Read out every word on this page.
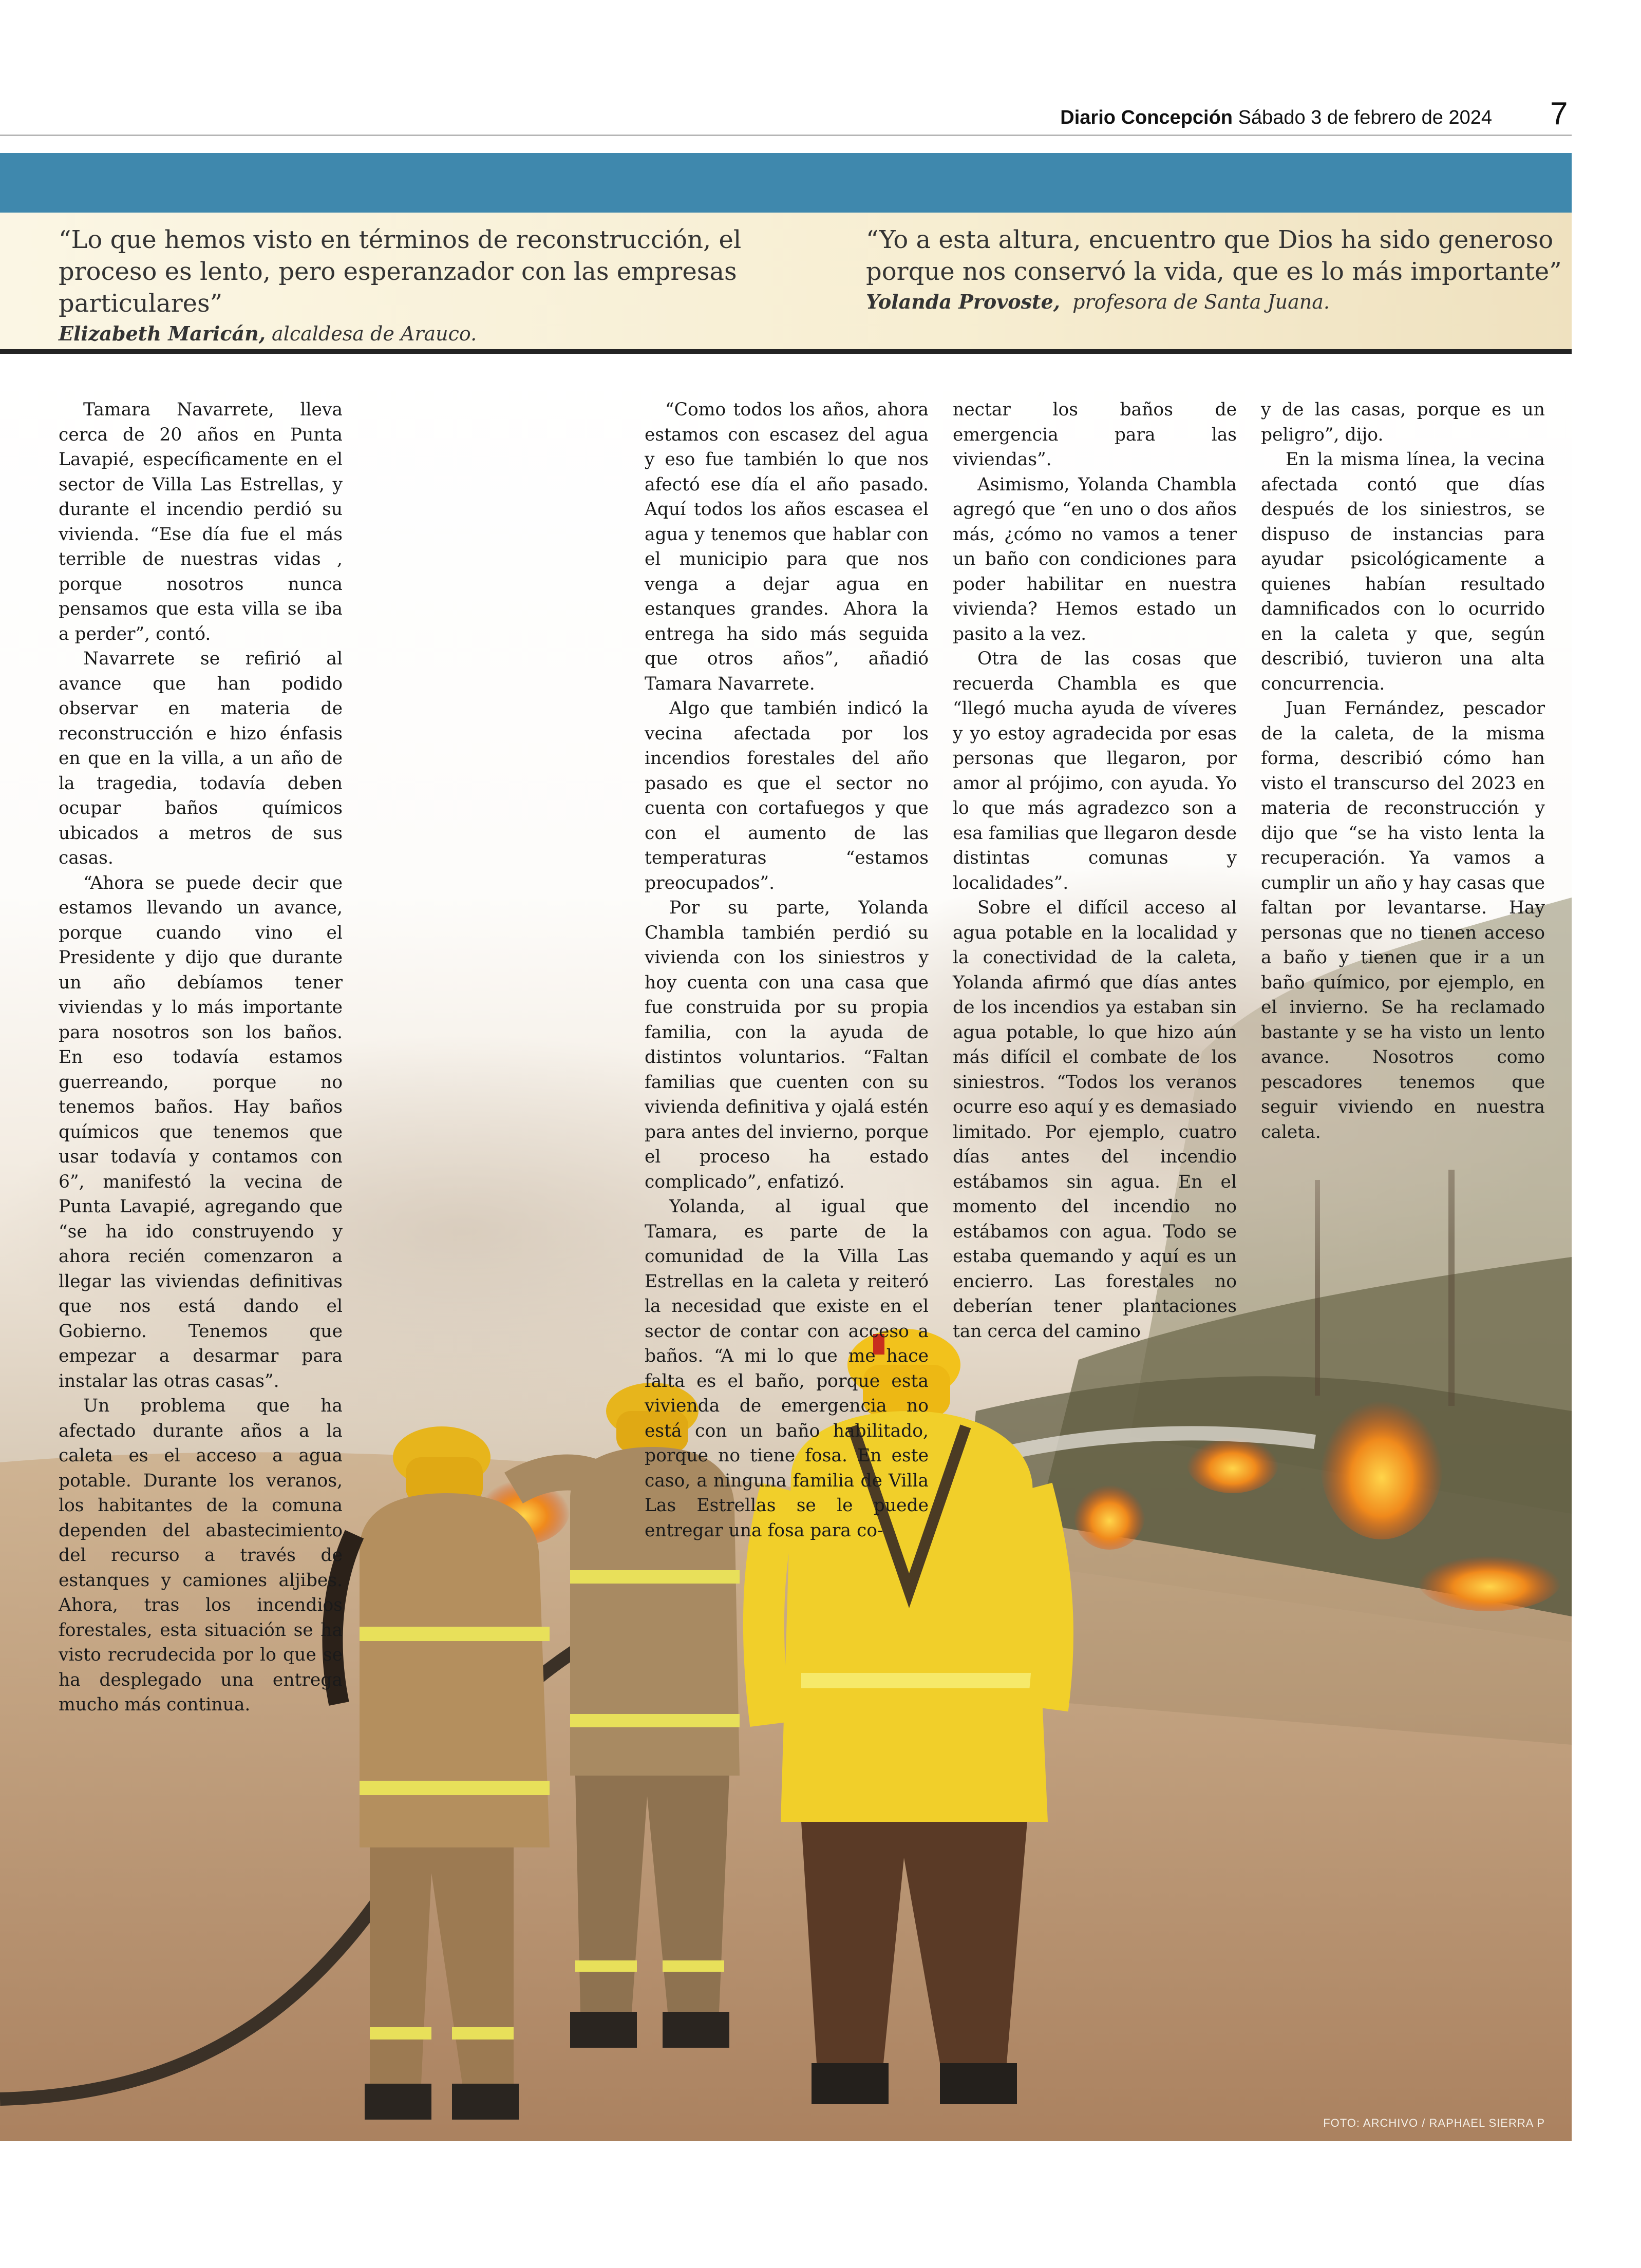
Diario Concepción Sábado 3 de febrero de 2024 7
“Lo que hemos visto en términos de reconstrucción, el proceso es lento, pero esperanzador con las empresas particulares”
Elizabeth Maricán, alcaldesa de Arauco.
“Yo a esta altura, encuentro que Dios ha sido generoso porque nos conservó la vida, que es lo más importante”
Yolanda Provoste, profesora de Santa Juana.

Tamara Navarrete, lleva cerca de 20 años en Punta Lavapié, específicamente en el sector de Villa Las Estrellas, y durante el incendio perdió su vivienda. “Ese día fue el más terrible de nuestras vidas , porque nosotros nunca pensamos que esta villa se iba a perder”, contó.

Navarrete se refirió al avance que han podido observar en materia de reconstrucción e hizo énfasis en que en la villa, a un año de la tragedia, todavía deben ocupar baños químicos ubicados a metros de sus casas.

“Ahora se puede decir que estamos llevando un avance, porque cuando vino el Presidente y dijo que durante un año debíamos tener viviendas y lo más importante para nosotros son los baños. En eso todavía estamos guerreando, porque no tenemos baños. Hay baños químicos que tenemos que usar todavía y contamos con 6”, manifestó la vecina de Punta Lavapié, agregando que “se ha ido construyendo y ahora recién comenzaron a llegar las viviendas definitivas que nos está dando el Gobierno. Tenemos que empezar a desarmar para instalar las otras casas”.

Un problema que ha afectado durante años a la caleta es el acceso a agua potable. Durante los veranos, los habitantes de la comuna dependen del abastecimiento del recurso a través de estanques y camiones aljibes. Ahora, tras los incendios forestales, esta situación se ha visto recrudecida por lo que se ha desplegado una entrega mucho más continua.

“Como todos los años, ahora estamos con escasez del agua y eso fue también lo que nos afectó ese día el año pasado. Aquí todos los años escasea el agua y tenemos que hablar con el municipio para que nos venga a dejar agua en estanques grandes. Ahora la entrega ha sido más seguida que otros años”, añadió Tamara Navarrete.

Algo que también indicó la vecina afectada por los incendios forestales del año pasado es que el sector no cuenta con cortafuegos y que con el aumento de las temperaturas “estamos preocupados”.

Por su parte, Yolanda Chambla también perdió su vivienda con los siniestros y hoy cuenta con una casa que fue construida por su propia familia, con la ayuda de distintos voluntarios. “Faltan familias que cuenten con su vivienda definitiva y ojalá estén para antes del invierno, porque el proceso ha estado complicado”, enfatizó.

Yolanda, al igual que Tamara, es parte de la comunidad de la Villa Las Estrellas en la caleta y reiteró la necesidad que existe en el sector de contar con acceso a baños. “A mi lo que me hace falta es el baño, porque esta vivienda de emergencia no está con un baño habilitado, porque no tiene fosa. En este caso, a ninguna familia de Villa Las Estrellas se le puede entregar una fosa para co-

nectar los baños de emergencia para las viviendas”.

Asimismo, Yolanda Chambla agregó que “en uno o dos años más, ¿cómo no vamos a tener un baño con condiciones para poder habilitar en nuestra vivienda? Hemos estado un pasito a la vez.

Otra de las cosas que recuerda Chambla es que “llegó mucha ayuda de víveres y yo estoy agradecida por esas personas que llegaron, por amor al prójimo, con ayuda. Yo lo que más agradezco son a esa familias que llegaron desde distintas comunas y localidades”.

Sobre el difícil acceso al agua potable en la localidad y la conectividad de la caleta, Yolanda afirmó que días antes de los incendios ya estaban sin agua potable, lo que hizo aún más difícil el combate de los siniestros. “Todos los veranos ocurre eso aquí y es demasiado limitado. Por ejemplo, cuatro días antes del incendio estábamos sin agua. En el momento del incendio no estábamos con agua. Todo se estaba quemando y aquí es un encierro. Las forestales no deberían tener plantaciones tan cerca del camino

y de las casas, porque es un peligro”, dijo.

En la misma línea, la vecina afectada contó que días después de los siniestros, se dispuso de instancias para ayudar psicológicamente a quienes habían resultado damnificados con lo ocurrido en la caleta y que, según describió, tuvieron una alta concurrencia.

Juan Fernández, pescador de la caleta, de la misma forma, describió cómo han visto el transcurso del 2023 en materia de reconstrucción y dijo que “se ha visto lenta la recuperación. Ya vamos a cumplir un año y hay casas que faltan por levantarse. Hay personas que no tienen acceso a baño y tienen que ir a un baño químico, por ejemplo, en el invierno. Se ha reclamado bastante y se ha visto un lento avance. Nosotros como pescadores tenemos que seguir viviendo en nuestra caleta.

FOTO: ARCHIVO / RAPHAEL SIERRA P
